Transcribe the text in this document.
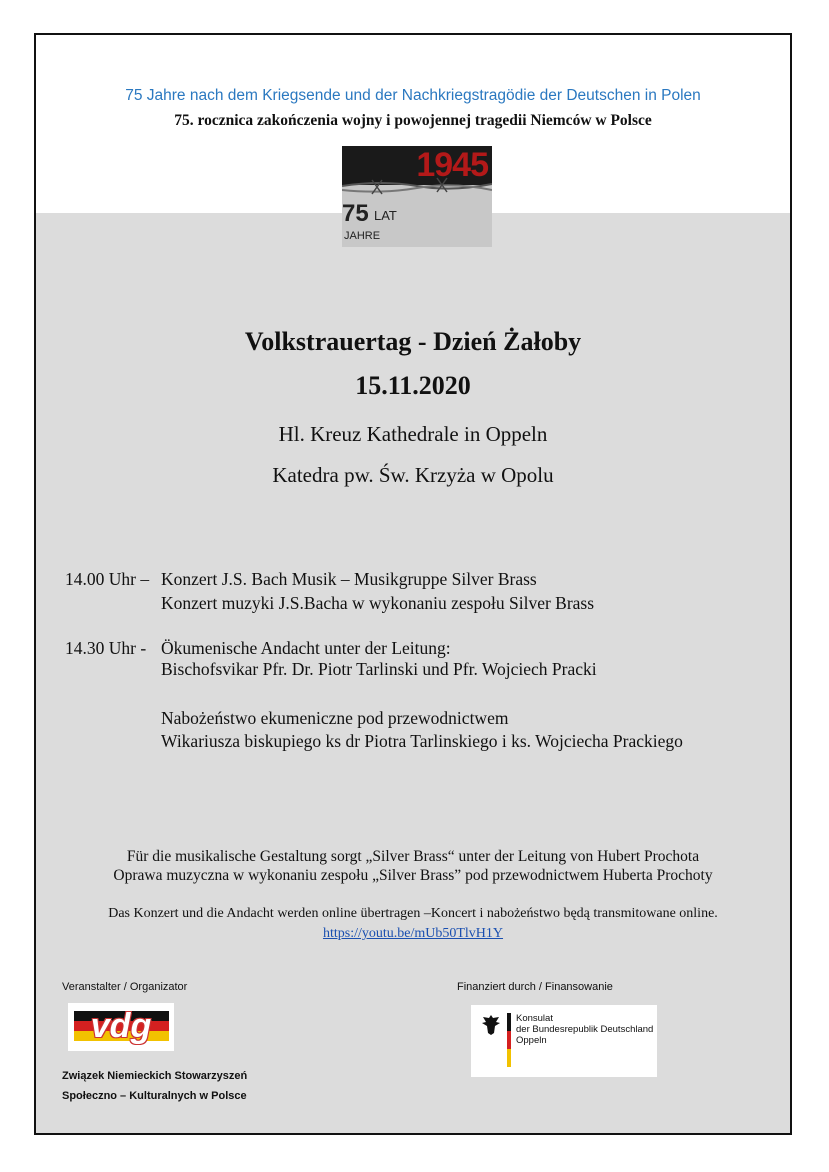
75 Jahre nach dem Kriegsende und der Nachkriegstragödie der Deutschen in Polen
75. rocznica zakończenia wojny i powojennej tragedii Niemców w Polsce
1945
75 LAT
JAHRE
Volkstrauertag - Dzień Żałoby
15.11.2020
Hl. Kreuz Kathedrale in Oppeln
Katedra pw. Św. Krzyża w Opolu
14.00 Uhr – Konzert J.S. Bach Musik – Musikgruppe Silver Brass
Konzert muzyki J.S.Bacha w wykonaniu zespołu Silver Brass
14.30 Uhr - Ökumenische Andacht unter der Leitung:
Bischofsvikar Pfr. Dr. Piotr Tarlinski und Pfr. Wojciech Pracki
Nabożeństwo ekumeniczne pod przewodnictwem
Wikariusza biskupiego ks dr Piotra Tarlinskiego i ks. Wojciecha Prackiego
Für die musikalische Gestaltung sorgt „Silver Brass“ unter der Leitung von Hubert Prochota
Oprawa muzyczna w wykonaniu zespołu „Silver Brass” pod przewodnictwem Huberta Prochoty
Das Konzert und die Andacht werden online übertragen –Koncert i nabożeństwo będą transmitowane online.
https://youtu.be/mUb50TlvH1Y
Veranstalter / Organizator
vdg
Związek Niemieckich Stowarzyszeń
Społeczno – Kulturalnych w Polsce
Finanziert durch / Finansowanie
Konsulat
der Bundesrepublik Deutschland
Oppeln
